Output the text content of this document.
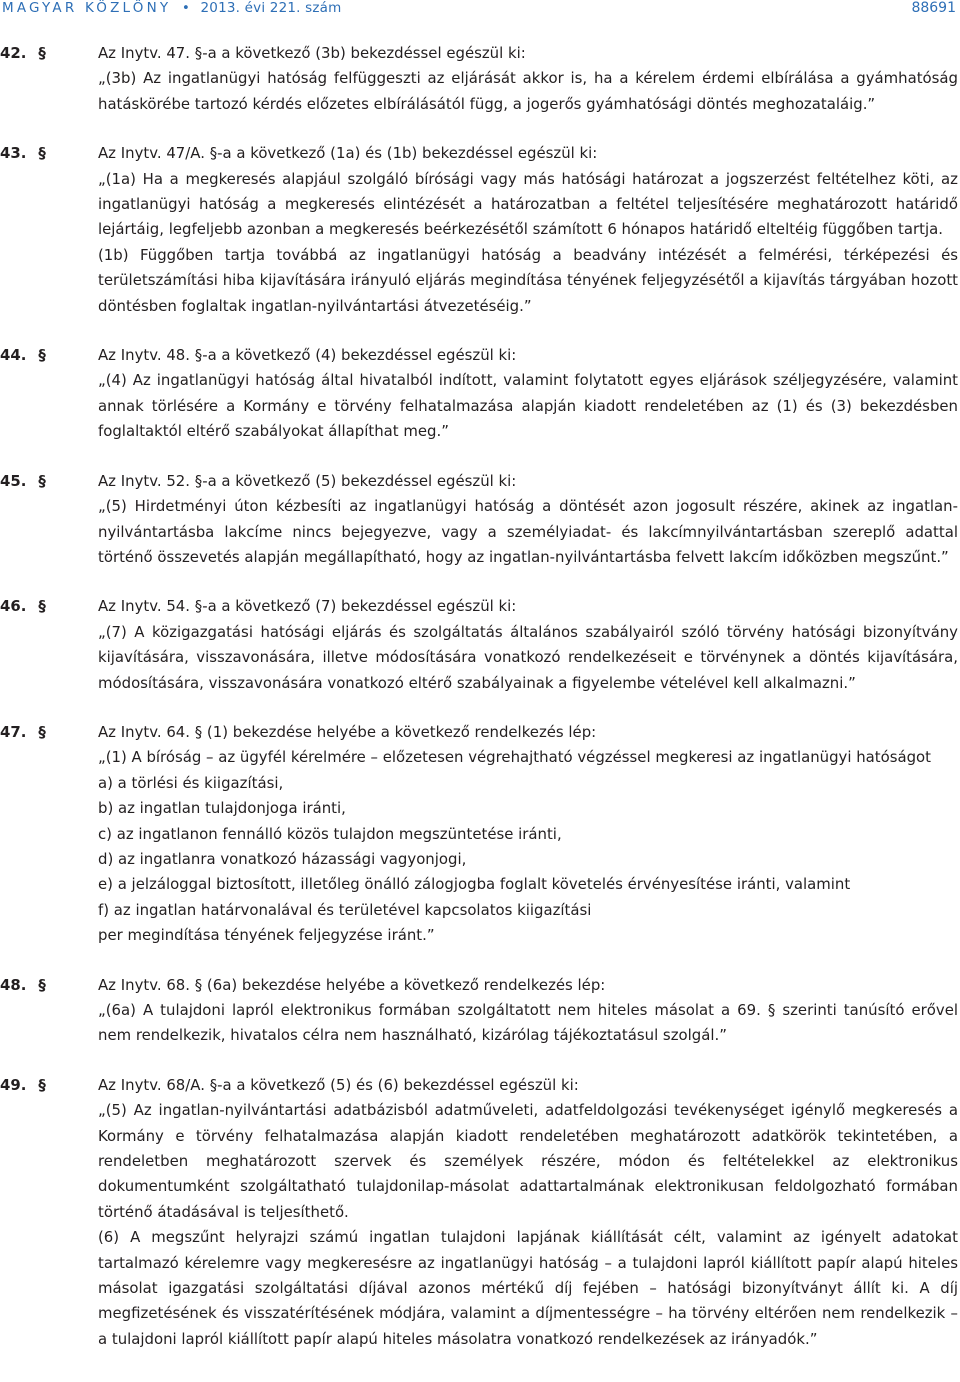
MAGYAR KÖZLÖNY • 2013. évi 221. szám	88691
42. §	Az Inytv. 47. §-a a következő (3b) bekezdéssel egészül ki:

„(3b) Az ingatlanügyi hatóság felfüggeszti az eljárását akkor is, ha a kérelem érdemi elbírálása a gyámhatóság hatáskörébe tartozó kérdés előzetes elbírálásától függ, a jogerős gyámhatósági döntés meghozataláig.”

43. §	Az Inytv. 47/A. §-a a következő (1a) és (1b) bekezdéssel egészül ki:

„(1a) Ha a megkeresés alapjául szolgáló bírósági vagy más hatósági határozat a jogszerzést feltételhez köti, az ingatlanügyi hatóság a megkeresés elintézését a határozatban a feltétel teljesítésére meghatározott határidő lejártáig, legfeljebb azonban a megkeresés beérkezésétől számított 6 hónapos határidő elteltéig függőben tartja.

(1b) Függőben tartja továbbá az ingatlanügyi hatóság a beadvány intézését a felmérési, térképezési és területszámítási hiba kijavítására irányuló eljárás megindítása tényének feljegyzésétől a kijavítás tárgyában hozott döntésben foglaltak ingatlan-nyilvántartási átvezetéséig.”

44. §	Az Inytv. 48. §-a a következő (4) bekezdéssel egészül ki:

„(4) Az ingatlanügyi hatóság által hivatalból indított, valamint folytatott egyes eljárások széljegyzésére, valamint annak törlésére a Kormány e törvény felhatalmazása alapján kiadott rendeletében az (1) és (3) bekezdésben foglaltaktól eltérő szabályokat állapíthat meg.”

45. §	Az Inytv. 52. §-a a következő (5) bekezdéssel egészül ki:

„(5) Hirdetményi úton kézbesíti az ingatlanügyi hatóság a döntését azon jogosult részére, akinek az ingatlan-nyilvántartásba lakcíme nincs bejegyezve, vagy a személyiadat- és lakcímnyilvántartásban szereplő adattal történő összevetés alapján megállapítható, hogy az ingatlan-nyilvántartásba felvett lakcím időközben megszűnt.”

46. §	Az Inytv. 54. §-a a következő (7) bekezdéssel egészül ki:

„(7) A közigazgatási hatósági eljárás és szolgáltatás általános szabályairól szóló törvény hatósági bizonyítvány kijavítására, visszavonására, illetve módosítására vonatkozó rendelkezéseit e törvénynek a döntés kijavítására, módosítására, visszavonására vonatkozó eltérő szabályainak a figyelembe vételével kell alkalmazni.”

47. §	Az Inytv. 64. § (1) bekezdése helyébe a következő rendelkezés lép:

„(1) A bíróság – az ügyfél kérelmére – előzetesen végrehajtható végzéssel megkeresi az ingatlanügyi hatóságot

a) a törlési és kiigazítási,

b) az ingatlan tulajdonjoga iránti,

c) az ingatlanon fennálló közös tulajdon megszüntetése iránti,

d) az ingatlanra vonatkozó házassági vagyonjogi,

e) a jelzáloggal biztosított, illetőleg önálló zálogjogba foglalt követelés érvényesítése iránti, valamint

f) az ingatlan határvonalával és területével kapcsolatos kiigazítási

per megindítása tényének feljegyzése iránt.”

48. §	Az Inytv. 68. § (6a) bekezdése helyébe a következő rendelkezés lép:

„(6a) A tulajdoni lapról elektronikus formában szolgáltatott nem hiteles másolat a 69. § szerinti tanúsító erővel nem rendelkezik, hivatalos célra nem használható, kizárólag tájékoztatásul szolgál.”

49. §	Az Inytv. 68/A. §-a a következő (5) és (6) bekezdéssel egészül ki:

„(5) Az ingatlan-nyilvántartási adatbázisból adatműveleti, adatfeldolgozási tevékenységet igénylő megkeresés a Kormány e törvény felhatalmazása alapján kiadott rendeletében meghatározott adatkörök tekintetében, a rendeletben meghatározott szervek és személyek részére, módon és feltételekkel az elektronikus dokumentumként szolgáltatható tulajdonilap-másolat adattartalmának elektronikusan feldolgozható formában történő átadásával is teljesíthető.

(6) A megszűnt helyrajzi számú ingatlan tulajdoni lapjának kiállítását célt, valamint az igényelt adatokat tartalmazó kérelemre vagy megkeresésre az ingatlanügyi hatóság – a tulajdoni lapról kiállított papír alapú hiteles másolat igazgatási szolgáltatási díjával azonos mértékű díj fejében – hatósági bizonyítványt állít ki. A díj megfizetésének és visszatérítésének módjára, valamint a díjmentességre – ha törvény eltérően nem rendelkezik – a tulajdoni lapról kiállított papír alapú hiteles másolatra vonatkozó rendelkezések az irányadók.”
